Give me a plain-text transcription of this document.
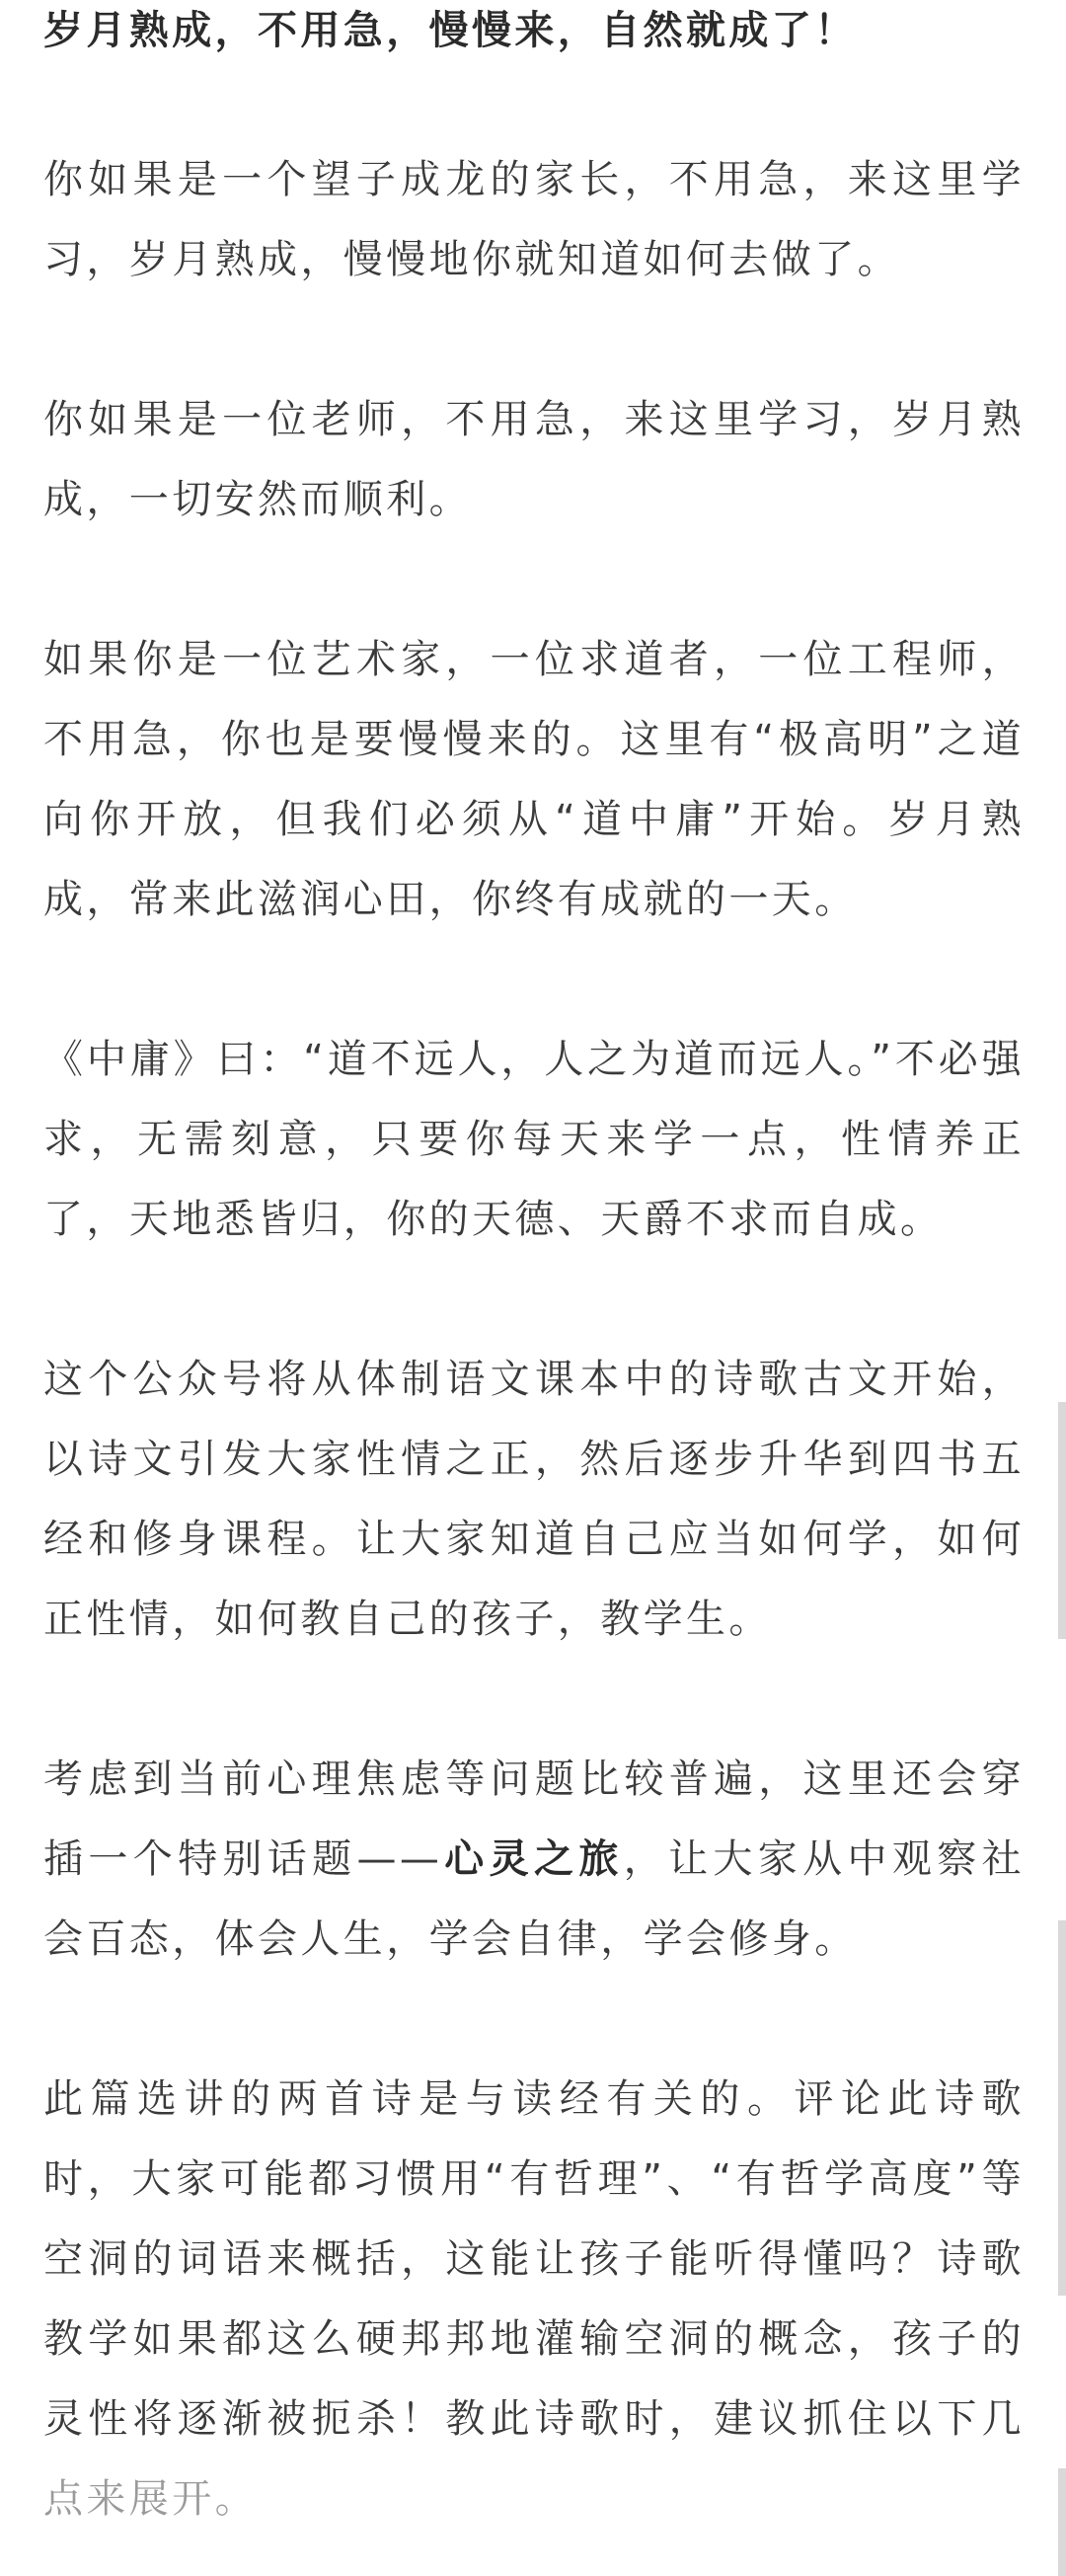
岁月熟成，不用急，慢慢来，自然就成了！

你如果是一个望子成龙的家长，不用急，来这里学习，岁月熟成，慢慢地你就知道如何去做了。

你如果是一位老师，不用急，来这里学习，岁月熟成，一切安然而顺利。

如果你是一位艺术家，一位求道者，一位工程师，不用急，你也是要慢慢来的。这里有“极高明”之道向你开放，但我们必须从“道中庸”开始。岁月熟成，常来此滋润心田，你终有成就的一天。

《中庸》曰：“道不远人，人之为道而远人。”不必强求，无需刻意，只要你每天来学一点，性情养正了，天地悉皆归，你的天德、天爵不求而自成。

这个公众号将从体制语文课本中的诗歌古文开始，以诗文引发大家性情之正，然后逐步升华到四书五经和修身课程。让大家知道自己应当如何学，如何正性情，如何教自己的孩子，教学生。

考虑到当前心理焦虑等问题比较普遍，这里还会穿插一个特别话题——心灵之旅，让大家从中观察社会百态，体会人生，学会自律，学会修身。

此篇选讲的两首诗是与读经有关的。评论此诗歌时，大家可能都习惯用“有哲理”、“有哲学高度”等空洞的词语来概括，这能让孩子能听得懂吗？诗歌教学如果都这么硬邦邦地灌输空洞的概念，孩子的灵性将逐渐被扼杀！教此诗歌时，建议抓住以下几点来展开。
